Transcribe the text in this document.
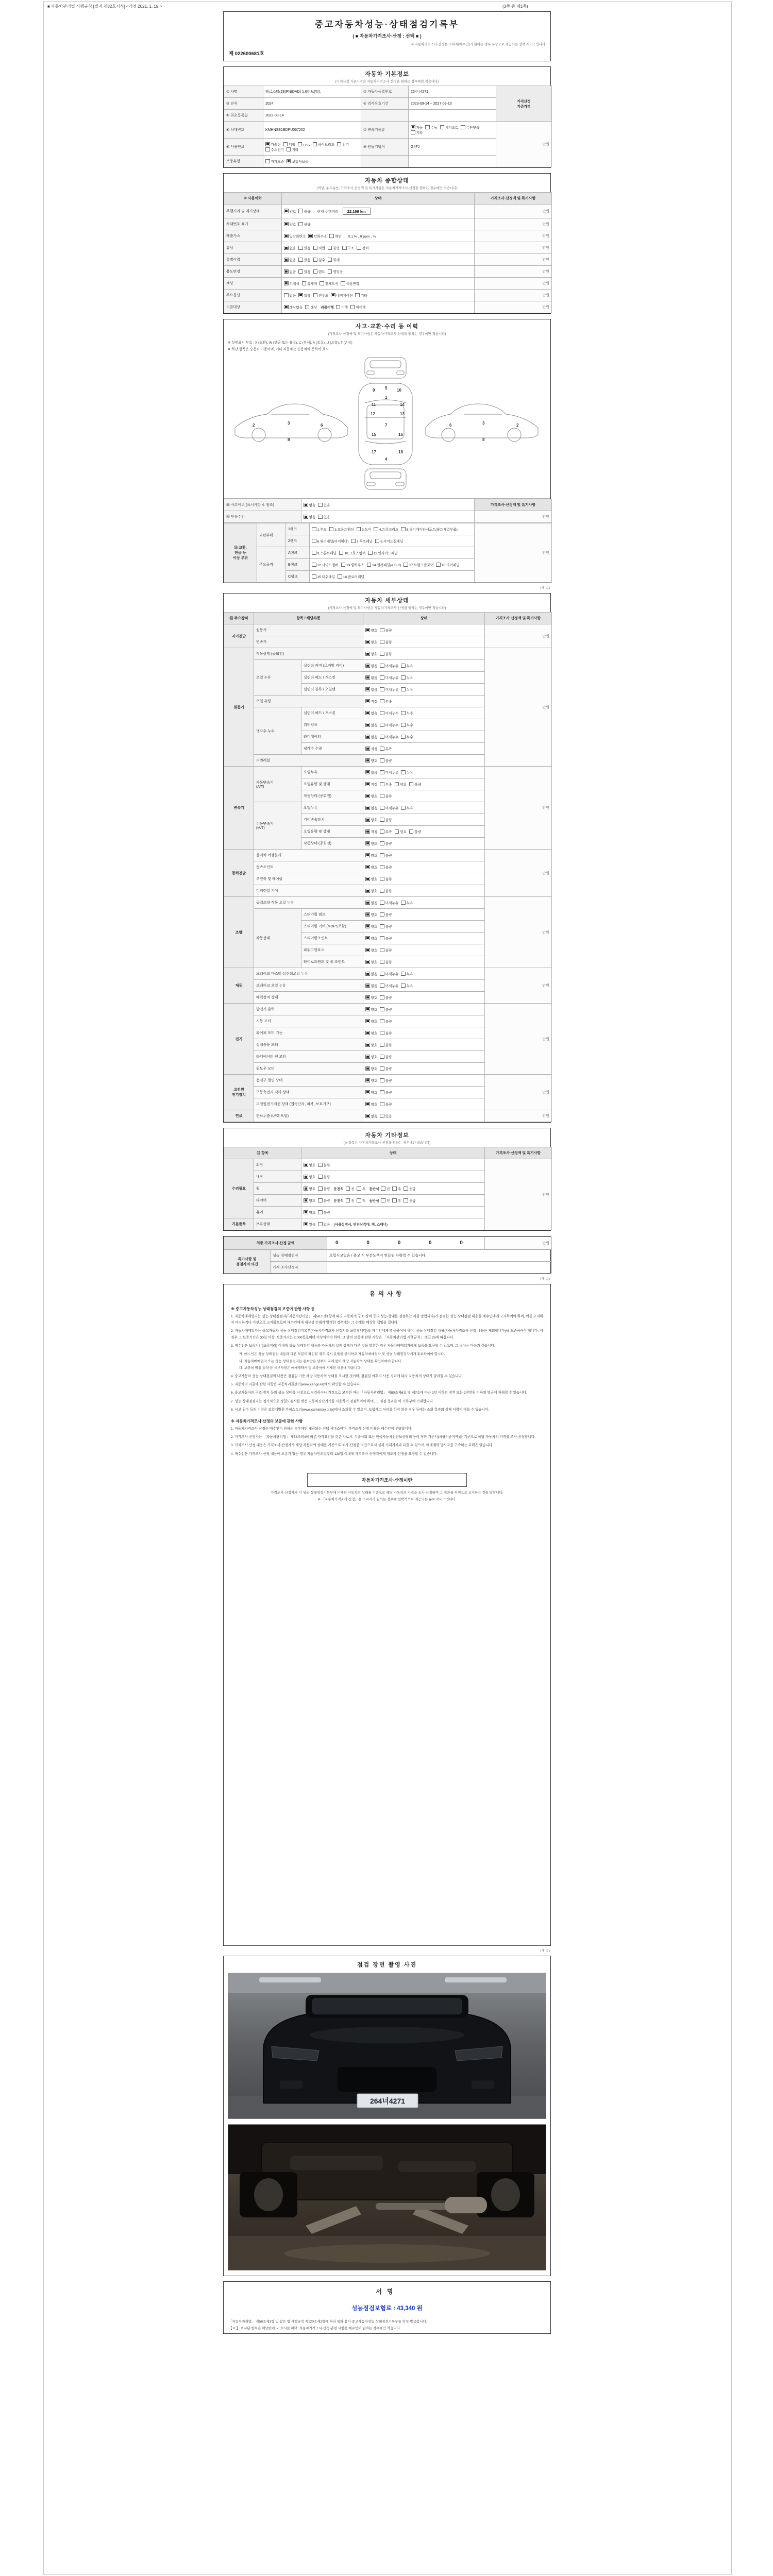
■ 자동차관리법 시행규칙 [별지 제82호서식] <개정 2021. 1. 19.>	(3쪽 중 제1쪽)
중고자동차성능·상태점검기록부
( ■ 자동차가격조사·산정 : 선택 ■ )
※ 자동차가격조사·산정은 소비자(매수인)가 원하는 경우 유상으로 제공되는 선택 서비스입니다.
제 022600681호
자동차 기본정보
(가격산정 기준가격은 자동차가격조사·산정을 원하는 경우에만 적습니다)
① 차명	벨로스터(JS)PN(DAD) 1.6터보(밸).	② 자동차등록번호	264너4271	가격산정
기준가격
③ 연식	2024	④ 검사유효기간	2023-09-14 ~ 2027-09-13	
⑤ 최초등록일	2023-09-14			
⑥ 차대번호	KMHNSB1BDPU067202	⑦ 변속기종류	자동 수동 세미오토 무단변속기타	만원
⑧ 사용연료	가솔린 디젤 LPG 하이브리드 전기수소전기 기타	⑨ 원동기형식	G4FJ	
보증유형	자가보증 보험사보증			
자동차 종합상태
(색상, 주요옵션, 가격조사·산정액 및 특기사항은 자동차가격조사·산정을 원하는 경우에만 적습니다)
⑩ 사용이력	상태	가격조사·산정액 및 특기사항
주행거리 및 계기상태	양호 불량 현재 주행거리 22,169 km	만원
차대번호 표기	양호 불량	만원
배출가스	일산화탄소 탄화수소 매연 0.1 % , 0 ppm , %	만원
튜닝	없음 있음 적법 불법 구조 장치	만원
특별이력	없음 있음 침수 화재	만원
용도변경	없음 있음 렌트 영업용	만원
색상	무채색 유채색 전체도색 색상변경	만원
주요옵션	없음 있음 썬루프 네비게이션 기타	만원
리콜대상	해당없음 해당 리콜이행 이행 미이행	만원
사고·교환·수리 등 이력
(가격조사·산정액 및 특기사항은 자동차가격조사·산정을 원하는 경우에만 적습니다)
※ 상태표시 부호 : X (교환), W (판금 또는 용접), C (부식), A (흠집), U (요철), T (손상)
※ 하단 항목은 승용차 기준이며, 기타 자동차는 승용차에 준하여 표시
2	3	6
8
6	3	2
8
5
1
9	10
11
12
14
13
7
15	16
17	18
4
⑪ 사고이력 (표시사항 4. 참조)	없음 있음	가격조사·산정액 및 특기사항
⑫ 단순수리	없음 있음	만원
⑬ 교환,
판금 등
이상 부위	외판부위	1랭크	1.후드 2.프론트휀더 3.도어 4.트렁크리드 5.라디에이터서포트(볼트체결부품)	만원
		2랭크	6.쿼터패널(리어휀더) 7.루프패널 8.사이드실패널	
	주요골격	A랭크	9.프론트패널 10.크로스멤버 11.인사이드패널	
		B랭크	12.사이드멤버 13.휠하우스 14.필러패널(A,B,C) 17.트렁크플로어 18.리어패널	
		C랭크	15.대쉬패널 16.플로어패널	
(계 속)
자동차 세부상태
(가격조사·산정액 및 특기사항은 자동차가격조사·산정을 원하는 경우에만 적습니다)
⑭ 주요장치	항목 / 해당부품		상태	가격조사·산정액 및 특기사항
자기진단	원동기		양호 불량	만원
	변속기		양호 불량	
원동기	작동상태 (공회전)		양호 불량	만원
	오일 누유	실린더 커버 (로커암 커버)	없음 미세누유 누유	
		실린더 헤드 / 개스킷	없음 미세누유 누유	
		실린더 블록 / 오일팬	없음 미세누유 누유	
	오일 유량		적정 부족	
	냉각수 누수	실린더 헤드 / 개스킷	없음 미세누수 누수	
		워터펌프	없음 미세누수 누수	
		라디에이터	없음 미세누수 누수	
		냉각수 수량	적정 부족	
	커먼레일		양호 불량	
변속기	자동변속기
(A/T)	오일누유	없음 미세누유 누유	만원
		오일유량 및 상태	적정 부족 양호 불량	
		작동상태 (공회전)	양호 불량	
	수동변속기
(M/T)	오일누유	없음 미세누유 누유	
		기어변속장치	양호 불량	
		오일유량 및 상태	적정 부족 양호 불량	
		작동상태 (공회전)	양호 불량	
동력전달	클러치 어셈블리		양호 불량	만원
	등속조인트		양호 불량	
	추진축 및 베어링		양호 불량	
	디퍼렌셜 기어		양호 불량	
조향	동력조향 작동 오일 누유		없음 미세누유 누유	만원
	작동상태	스티어링 펌프	양호 불량	
		스티어링 기어 (MDPS포함)	양호 불량	
		스티어링조인트	양호 불량	
		파워고압호스	양호 불량	
		타이로드엔드 및 볼 조인트	양호 불량	
제동	브레이크 마스터 실린더오일 누유		없음 미세누유 누유	만원
	브레이크 오일 누유		없음 미세누유 누유	
	배력장치 상태		양호 불량	
전기	발전기 출력		양호 불량	만원
	시동 모터		양호 불량	
	와이퍼 모터 기능		양호 불량	
	실내송풍 모터		양호 불량	
	라디에이터 팬 모터		양호 불량	
	윈도우 모터		양호 불량	
고전원
전기장치	충전구 절연 상태		양호 불량	만원
	구동축전지 격리 상태		양호 불량	
	고전원전기배선 상태 (접속단자, 피복, 보호기구)		양호 불량	
연료	연료누출 (LPG 포함)		없음 있음	만원
자동차 기타정보
(※ 항목은 자동차가격조사·산정을 원하는 경우에만 적습니다)
⑮ 항목		상태	가격조사·산정액 및 특기사항
수리필요	외장	양호 불량	만원
	내장	양호 불량	
	휠	양호 불량 운전석 전 후 동반석 전 후 응급	
	타이어	양호 불량 운전석 전 후 동반석 전 후 응급	
	유리	양호 불량	
기본품목	보유상태	있음 없음 (사용설명서, 안전삼각대, 잭, 스패너)	
최종 가격조사·산정 금액	0 0 0 0 0	만원
특기사항 및
점검자의 의견	성능·상태점검자	보험사고없음 / 출고 시 부분도색이 완료된 차량일 수 있습니다.
	가격·조사산정자	
(계 속)
유의사항
※ 중고자동차성능·상태점검의 보증에 관한 사항 등
1. 자동차매매업자는 성능·상태점검자(「자동차관리법」 제58조제1항에 따라 자동차의 구조·장치 등의 성능·상태를 점검하는 자를 말합니다)가 점검한 성능·상태점검 내용을 매수인에게 고지하여야 하며, 이를 고지하지 아니하거나 거짓으로 고지함으로써 매수인에게 재산상 손해가 발생한 경우에는 그 손해를 배상할 책임을 집니다.
2. 자동차매매업자는 중고자동차 성능·상태점검기록부(자동차가격조사·산정서를 포함합니다)를 매수인에게 발급하여야 하며, 성능·상태점검 내용(자동차가격조사·산정 내용은 제외합니다)을 보증하여야 합니다. 이 경우 그 보증기간은 30일 이상, 보증거리는 2,000킬로미터 이상이어야 하며, 그 밖의 보증에 관한 사항은 「자동차관리법 시행규칙」 별표 25에 따릅니다.
3. 매수인은 보증기간(보증거리) 이내에 성능·상태점검 내용과 자동차의 실제 상태가 다른 것을 발견한 경우 자동차매매업자에게 보증을 요구할 수 있으며, 그 절차는 다음과 같습니다.
가. 매수인은 성능·상태점검 내용과 다른 부분이 확인된 경우 즉시 운행을 중지하고 자동차매매업자 및 성능·상태점검자에게 통보하여야 합니다.
나. 자동차매매업자 또는 성능·상태점검자는 통보받은 날부터 지체 없이 해당 자동차의 상태를 확인하여야 합니다.
다. 보증의 범위·절차 등 세부사항은 매매계약서 및 보증서에 기재된 내용에 따릅니다.
4. 중고자동차 성능·상태점검의 내용은 점검일 기준 해당 자동차의 상태를 표시한 것이며, 점검일 이후의 사용·경과에 따라 자동차의 상태가 달라질 수 있습니다.
5. 자동차의 리콜에 관한 사항은 자동차리콜센터(www.car.go.kr)에서 확인할 수 있습니다.
6. 중고자동차의 구조·장치 등의 성능·상태를 거짓으로 점검하거나 거짓으로 고지한 자는 「자동차관리법」 제80조제6호 및 제7호에 따라 2년 이하의 징역 또는 2천만원 이하의 벌금에 처해질 수 있습니다.
7. 성능·상태점검자는 정기적으로 정밀도검사를 받은 자동차진단기기를 사용하여 점검하여야 하며, 그 점검 결과를 이 기록부에 기재합니다.
8. 사고·침수 등의 이력은 보험개발원 카히스토리(www.carhistory.or.kr)에서 조회할 수 있으며, 보험사고 처리를 하지 않은 경우 등에는 조회 결과와 실제 이력이 다를 수 있습니다.
※ 자동차가격조사·산정의 보증에 관한 사항
1. 자동차가격조사·산정은 매수인이 원하는 경우에만 제공되는 선택 서비스이며, 가격조사·산정 비용은 매수인이 부담합니다.
2. 가격조사·산정자는 「자동차관리법」 제58조의4에 따른 자격요건을 갖춘 자로서, 기술사회 또는 한국자동차진단보증협회 등이 정한 기준서(차량기준가액)를 기준으로 해당 자동차의 가격을 조사·산정합니다.
3. 가격조사·산정 내용은 가격조사·산정자가 해당 자동차의 상태를 기준으로 조사·산정한 의견으로서 실제 거래가격과 다를 수 있으며, 매매계약 당사자를 구속하는 효력은 없습니다.
4. 매수인은 가격조사·산정 내용에 오류가 있는 경우 자동차인도일부터 120일 이내에 가격조사·산정자에게 재조사·산정을 요청할 수 있습니다.
자동차가격조사·산정이란
가격조사·산정자가 이 성능·상태점검기록부에 기재된 자동차의 상태를 기준으로 해당 자동차의 가격을 조사·산정하여 그 결과를 서면으로 고지하는 것을 말합니다.
※ 「자동차가격조사·산정」은 소비자가 원하는 경우에 선택적으로 제공되는 유료 서비스입니다.
(계 속)
점검 장면 촬영 사진
264너4271
서명
성능점검보험료 : 43,340 원
「자동차관리법」 제58조제1항 및 같은 법 시행규칙 제120조제1항에 따라 위와 같이 중고자동차성능·상태점검기록부를 작성·발급합니다.
【 V 】 표시된 항목은 해당란에 '∨' 표시를 하며, 자동차가격조사·산정 관련 사항은 매수인이 원하는 경우에만 적습니다.
